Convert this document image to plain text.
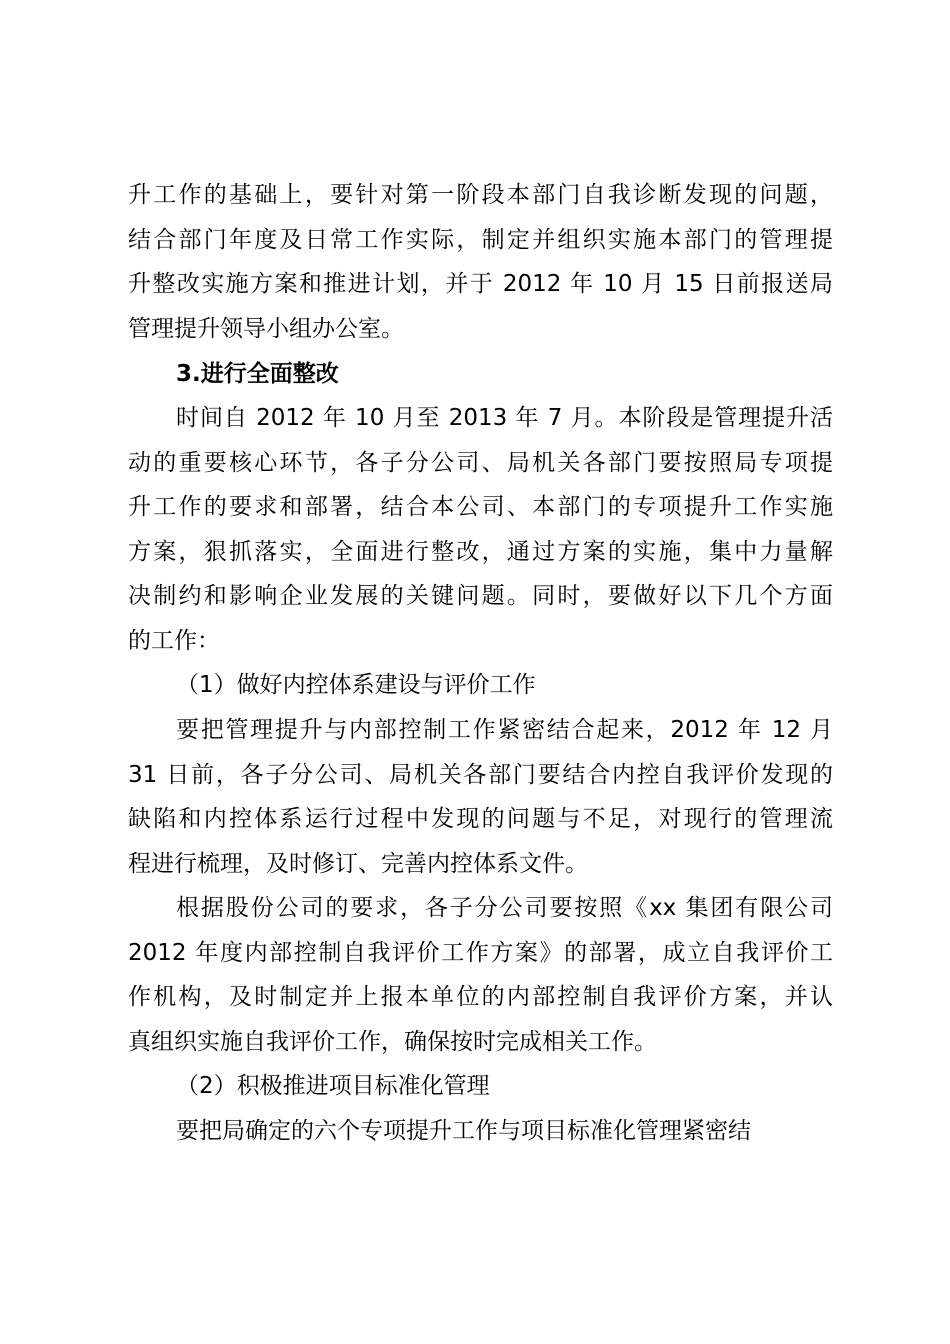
升工作的基础上，要针对第一阶段本部门自我诊断发现的问题，
结合部门年度及日常工作实际，制定并组织实施本部门的管理提
升整改实施方案和推进计划，并于 2012 年 10 月 15 日前报送局
管理提升领导小组办公室。
3.进行全面整改
时间自 2012 年 10 月至 2013 年 7 月。本阶段是管理提升活
动的重要核心环节，各子分公司、局机关各部门要按照局专项提
升工作的要求和部署，结合本公司、本部门的专项提升工作实施
方案，狠抓落实，全面进行整改，通过方案的实施，集中力量解
决制约和影响企业发展的关键问题。同时，要做好以下几个方面
的工作：
（1）做好内控体系建设与评价工作
要把管理提升与内部控制工作紧密结合起来，2012 年 12 月
31 日前，各子分公司、局机关各部门要结合内控自我评价发现的
缺陷和内控体系运行过程中发现的问题与不足，对现行的管理流
程进行梳理，及时修订、完善内控体系文件。
根据股份公司的要求，各子分公司要按照《xx 集团有限公司
2012 年度内部控制自我评价工作方案》的部署，成立自我评价工
作机构，及时制定并上报本单位的内部控制自我评价方案，并认
真组织实施自我评价工作，确保按时完成相关工作。
（2）积极推进项目标准化管理
要把局确定的六个专项提升工作与项目标准化管理紧密结
